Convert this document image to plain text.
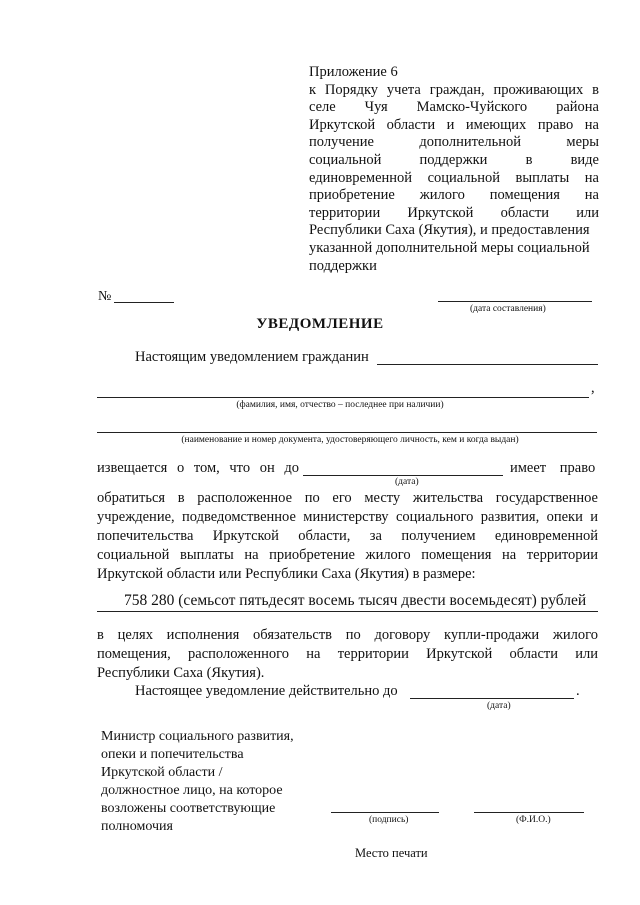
Приложение 6
к Порядку учета граждан, проживающих в
селе Чуя Мамско-Чуйского района
Иркутской области и имеющих право на
получение дополнительной меры
социальной поддержки в виде
единовременной социальной выплаты на
приобретение жилого помещения на
территории Иркутской области или
Республики Саха (Якутия), и предоставления
указанной дополнительной меры социальной
поддержки
№
(дата составления)
УВЕДОМЛЕНИЕ
Настоящим уведомлением гражданин
,
(фамилия, имя, отчество – последнее при наличии)
(наименование и номер документа, удостоверяющего личность, кем и когда выдан)
извещается о том, что он до	имеет право
(дата)
обратиться в расположенное по его месту жительства государственное
учреждение, подведомственное министерству социального развития, опеки и
попечительства Иркутской области, за получением единовременной
социальной выплаты на приобретение жилого помещения на территории
Иркутской области или Республики Саха (Якутия) в размере:
758 280 (семьсот пятьдесят восемь тысяч двести восемьдесят) рублей
в целях исполнения обязательств по договору купли-продажи жилого
помещения, расположенного на территории Иркутской области или
Республики Саха (Якутия).
Настоящее уведомление действительно до	.
(дата)
Министр социального развития,
опеки и попечительства
Иркутской области /
должностное лицо, на которое
возложены соответствующие
полномочия	(подпись)	(Ф.И.О.)
Место печати
